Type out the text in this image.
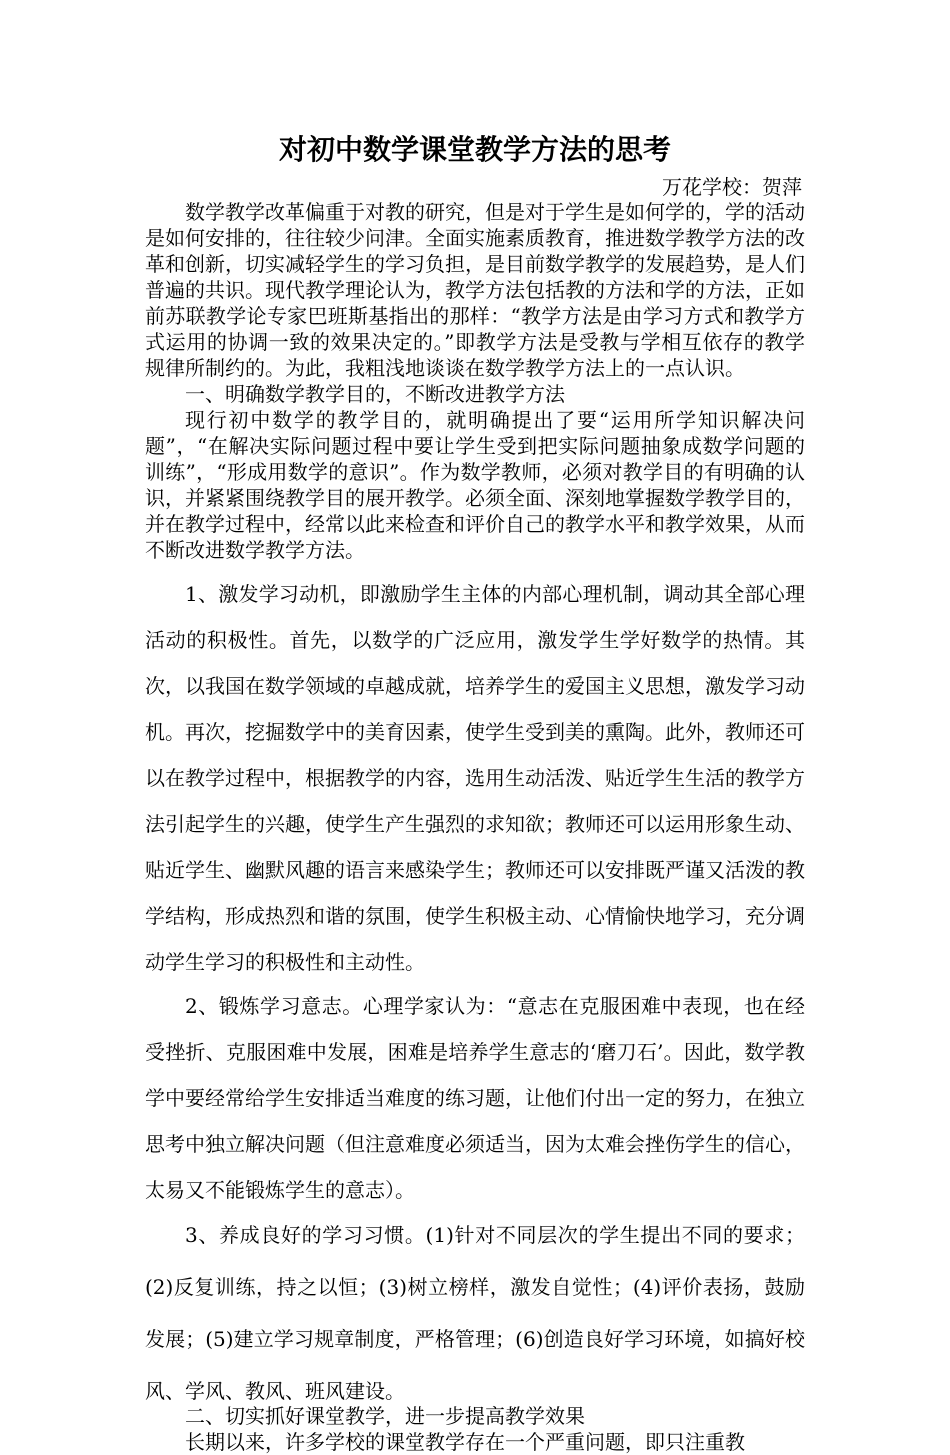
对初中数学课堂教学方法的思考
万花学校：贺萍

数学教学改革偏重于对教的研究，但是对于学生是如何学的，学的活动是如何安排的，往往较少问津。全面实施素质教育，推进数学教学方法的改革和创新，切实减轻学生的学习负担，是目前数学教学的发展趋势，是人们普遍的共识。现代教学理论认为，教学方法包括教的方法和学的方法，正如前苏联教学论专家巴班斯基指出的那样：“教学方法是由学习方式和教学方式运用的协调一致的效果决定的。”即教学方法是受教与学相互依存的教学规律所制约的。为此，我粗浅地谈谈在数学教学方法上的一点认识。

一、明确数学教学目的，不断改进教学方法

现行初中数学的教学目的，就明确提出了要“运用所学知识解决问题”，“在解决实际问题过程中要让学生受到把实际问题抽象成数学问题的训练”，“形成用数学的意识”。作为数学教师，必须对教学目的有明确的认识，并紧紧围绕教学目的展开教学。必须全面、深刻地掌握数学教学目的，并在教学过程中，经常以此来检查和评价自己的教学水平和教学效果，从而不断改进数学教学方法。

1、激发学习动机，即激励学生主体的内部心理机制，调动其全部心理活动的积极性。首先，以数学的广泛应用，激发学生学好数学的热情。其次，以我国在数学领域的卓越成就，培养学生的爱国主义思想，激发学习动机。再次，挖掘数学中的美育因素，使学生受到美的熏陶。此外，教师还可以在教学过程中，根据教学的内容，选用生动活泼、贴近学生生活的教学方法引起学生的兴趣，使学生产生强烈的求知欲；教师还可以运用形象生动、贴近学生、幽默风趣的语言来感染学生；教师还可以安排既严谨又活泼的教学结构，形成热烈和谐的氛围，使学生积极主动、心情愉快地学习，充分调动学生学习的积极性和主动性。

2、锻炼学习意志。心理学家认为：“意志在克服困难中表现，也在经受挫折、克服困难中发展，困难是培养学生意志的‘磨刀石’。因此，数学教学中要经常给学生安排适当难度的练习题，让他们付出一定的努力，在独立思考中独立解决问题（但注意难度必须适当，因为太难会挫伤学生的信心，太易又不能锻炼学生的意志）。

3、养成良好的学习习惯。(1)针对不同层次的学生提出不同的要求；(2)反复训练，持之以恒；(3)树立榜样，激发自觉性；(4)评价表扬，鼓励发展；(5)建立学习规章制度，严格管理；(6)创造良好学习环境，如搞好校风、学风、教风、班风建设。

二、切实抓好课堂教学，进一步提高教学效果

长期以来，许多学校的课堂教学存在一个严重问题，即只注重教
